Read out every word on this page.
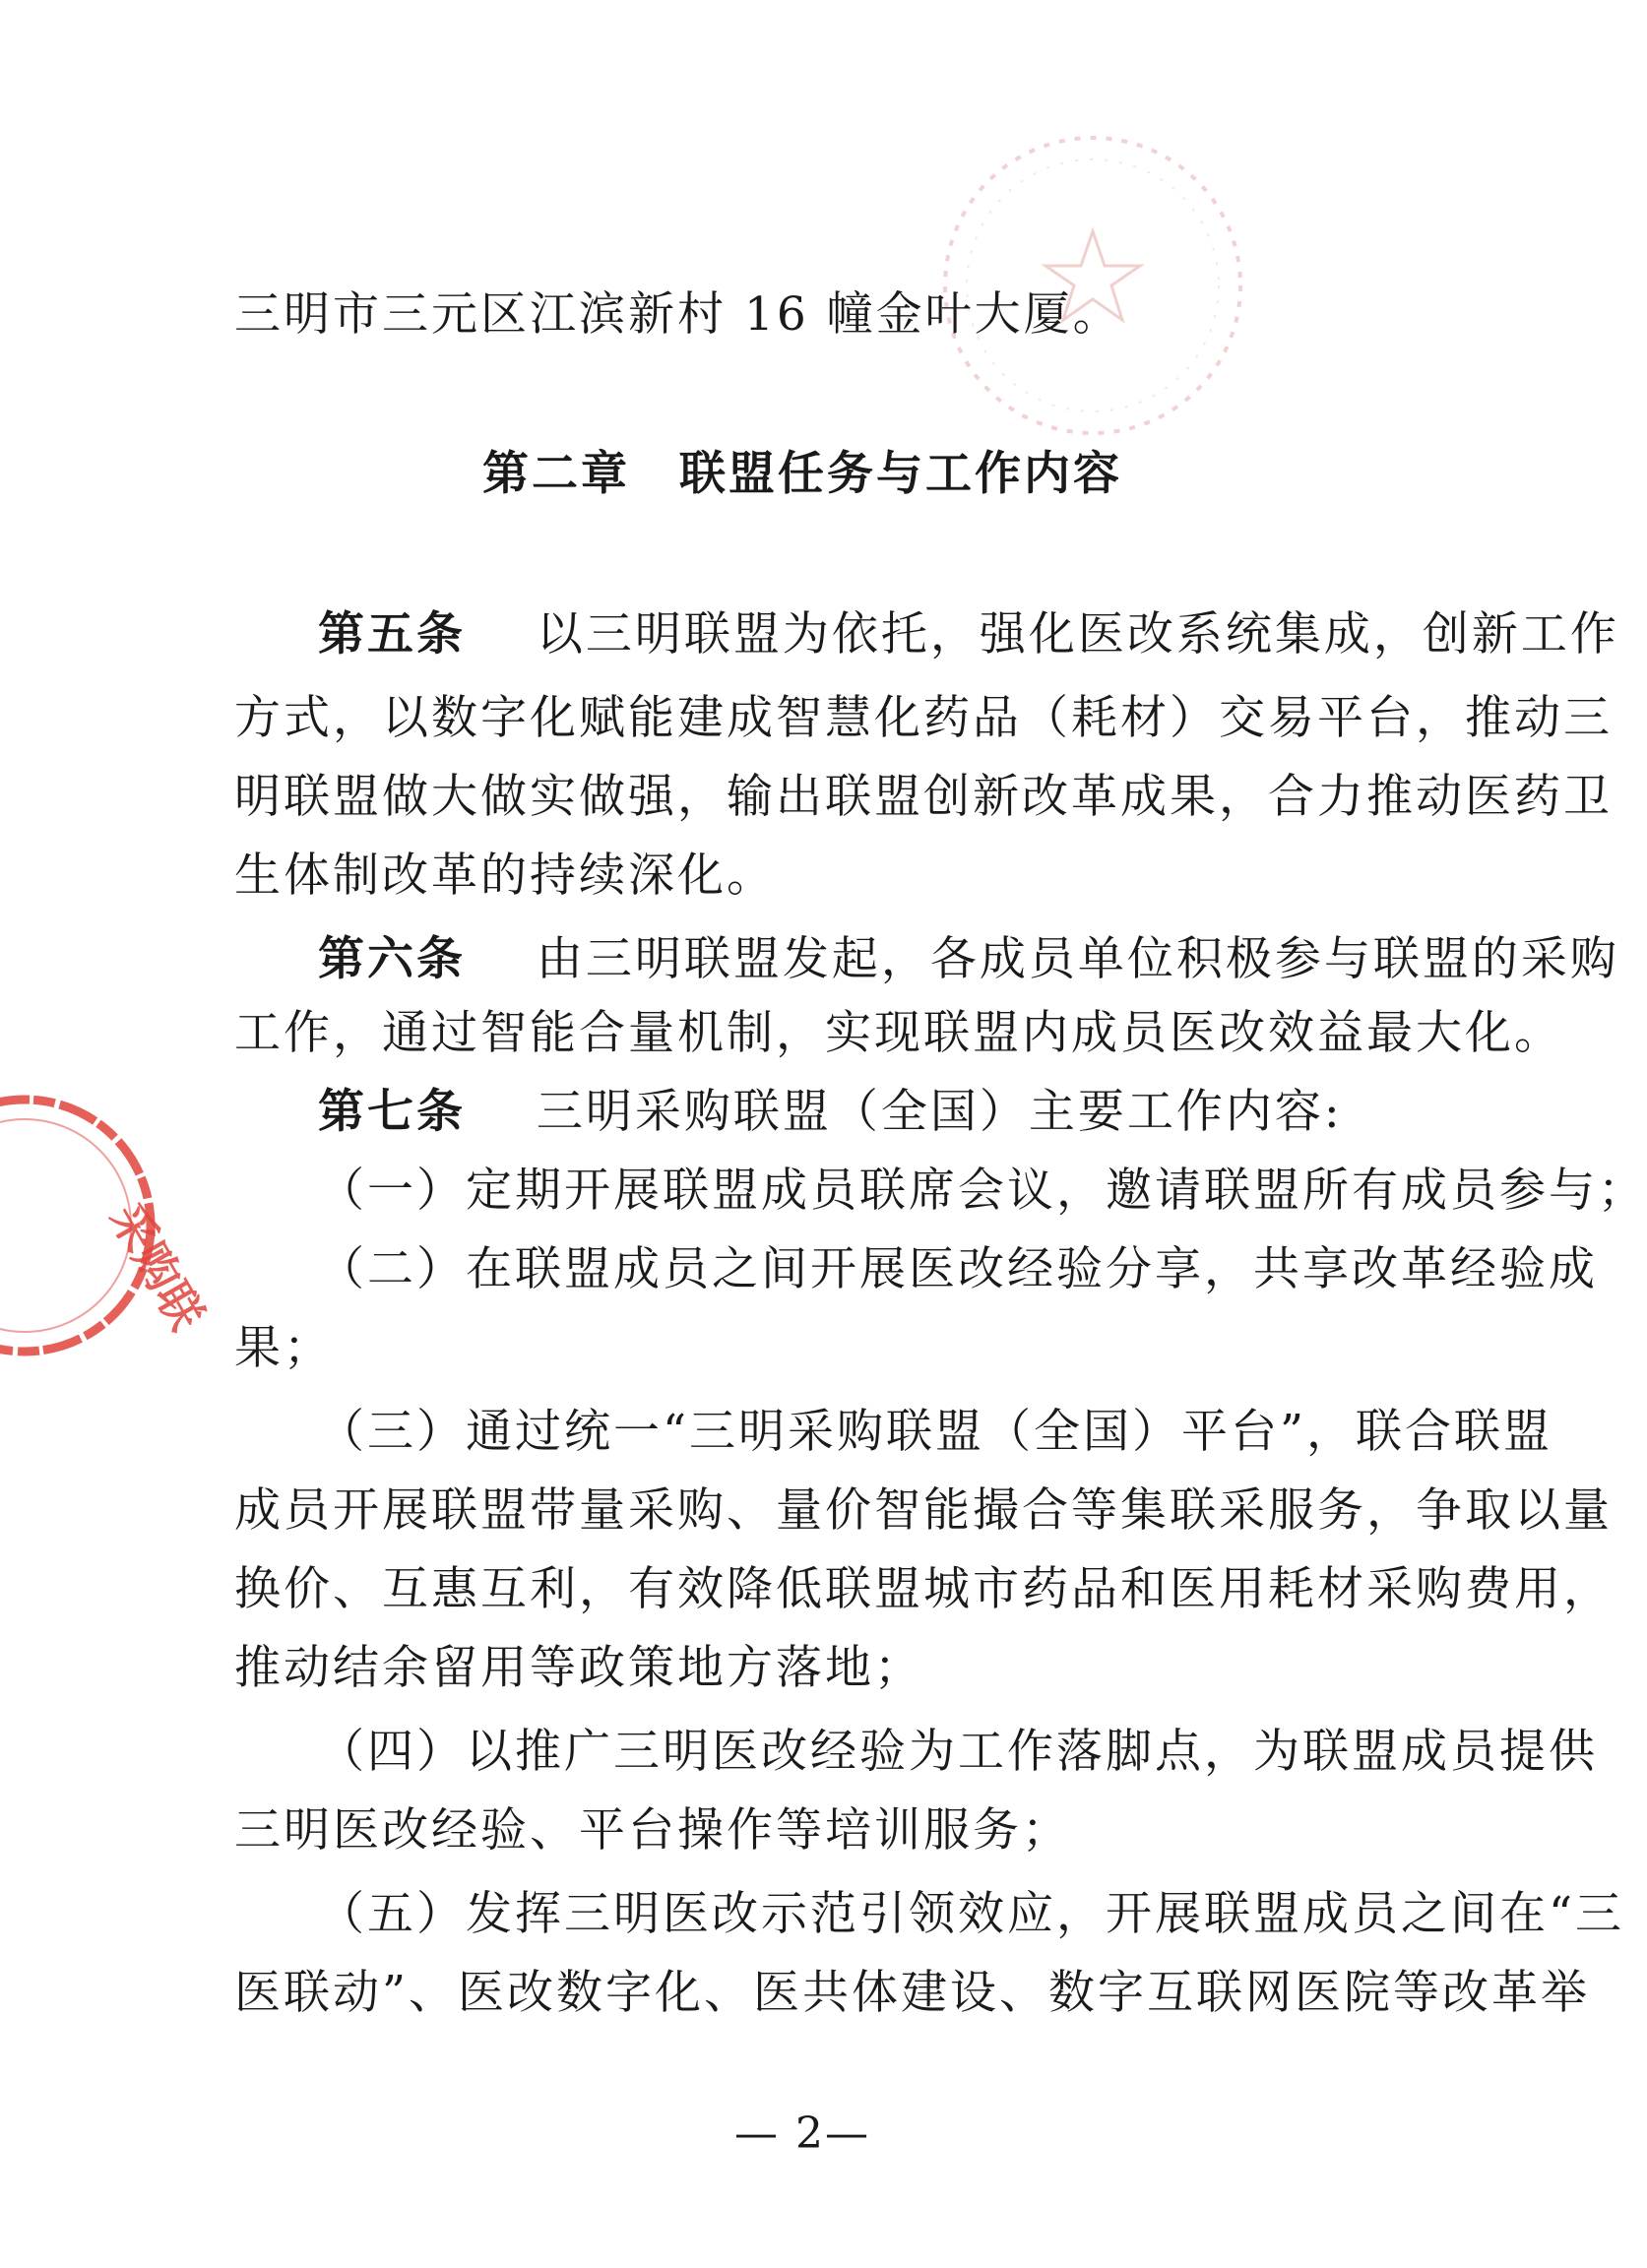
采购联
三明市三元区江滨新村 16 幢金叶大厦。
第二章　联盟任务与工作内容
第五条 以三明联盟为依托，强化医改系统集成，创新工作
方式，以数字化赋能建成智慧化药品（耗材）交易平台，推动三
明联盟做大做实做强，输出联盟创新改革成果，合力推动医药卫
生体制改革的持续深化。
第六条 由三明联盟发起，各成员单位积极参与联盟的采购
工作，通过智能合量机制，实现联盟内成员医改效益最大化。
第七条 三明采购联盟（全国）主要工作内容:
（一）定期开展联盟成员联席会议，邀请联盟所有成员参与；
（二）在联盟成员之间开展医改经验分享，共享改革经验成
果；
（三）通过统一“三明采购联盟（全国）平台”，联合联盟
成员开展联盟带量采购、量价智能撮合等集联采服务，争取以量
换价、互惠互利，有效降低联盟城市药品和医用耗材采购费用，
推动结余留用等政策地方落地；
（四）以推广三明医改经验为工作落脚点，为联盟成员提供
三明医改经验、平台操作等培训服务；
（五）发挥三明医改示范引领效应，开展联盟成员之间在“三
医联动”、医改数字化、医共体建设、数字互联网医院等改革举
— 2—
